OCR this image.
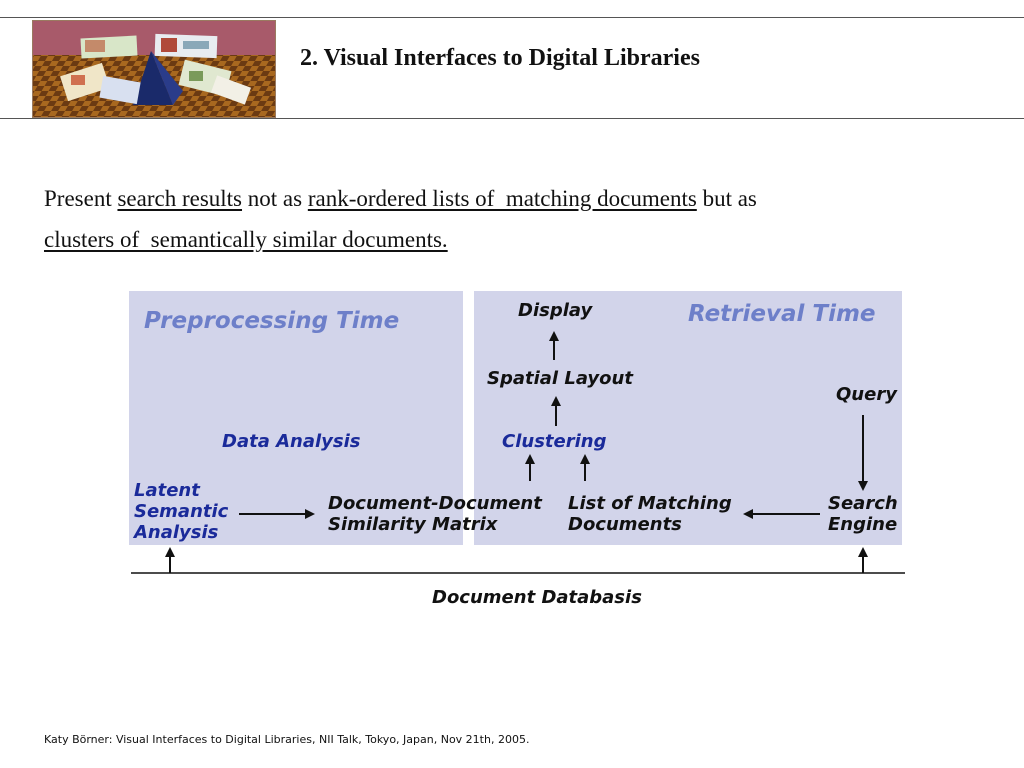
2. Visual Interfaces to Digital Libraries
Present search results not as rank-ordered lists of  matching documents but as
clusters of  semantically similar documents.
Preprocessing Time	Retrieval Time
Display
Spatial Layout
Query
Data Analysis	Clustering
Latent
Semantic
Analysis
Document-Document
Similarity Matrix
List of Matching
Documents
Search
Engine
Document Databasis
Katy Börner: Visual Interfaces to Digital Libraries, NII Talk, Tokyo, Japan, Nov 21th, 2005.
